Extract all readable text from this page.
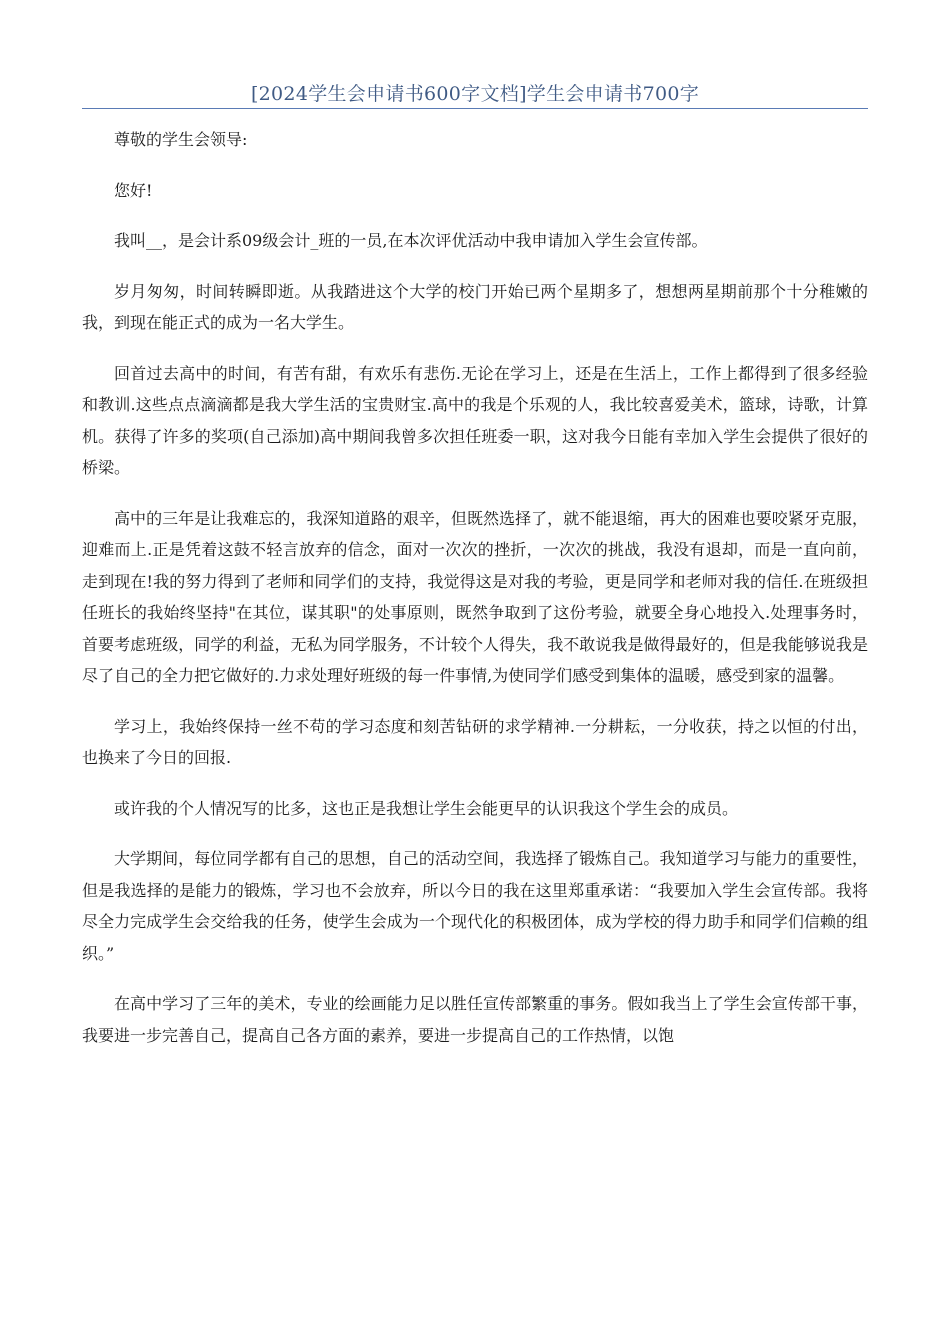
[2024学生会申请书600字文档]学生会申请书700字

尊敬的学生会领导:

您好!

我叫__，是会计系09级会计_班的一员,在本次评优活动中我申请加入学生会宣传部。

岁月匆匆，时间转瞬即逝。从我踏进这个大学的校门开始已两个星期多了，想想两星期前那个十分稚嫩的我，到现在能正式的成为一名大学生。

回首过去高中的时间，有苦有甜，有欢乐有悲伤.无论在学习上，还是在生活上，工作上都得到了很多经验和教训.这些点点滴滴都是我大学生活的宝贵财宝.高中的我是个乐观的人，我比较喜爱美术，篮球，诗歌，计算机。获得了许多的奖项(自己添加)高中期间我曾多次担任班委一职，这对我今日能有幸加入学生会提供了很好的桥梁。

高中的三年是让我难忘的，我深知道路的艰辛，但既然选择了，就不能退缩，再大的困难也要咬紧牙克服，迎难而上.正是凭着这鼓不轻言放弃的信念，面对一次次的挫折，一次次的挑战，我没有退却，而是一直向前，走到现在!我的努力得到了老师和同学们的支持，我觉得这是对我的考验，更是同学和老师对我的信任.在班级担任班长的我始终坚持"在其位，谋其职"的处事原则，既然争取到了这份考验，就要全身心地投入.处理事务时，首要考虑班级，同学的利益，无私为同学服务，不计较个人得失，我不敢说我是做得最好的，但是我能够说我是尽了自己的全力把它做好的.力求处理好班级的每一件事情,为使同学们感受到集体的温暖，感受到家的温馨。

学习上，我始终保持一丝不苟的学习态度和刻苦钻研的求学精神.一分耕耘，一分收获，持之以恒的付出，也换来了今日的回报.

或许我的个人情况写的比多，这也正是我想让学生会能更早的认识我这个学生会的成员。

大学期间，每位同学都有自己的思想，自己的活动空间，我选择了锻炼自己。我知道学习与能力的重要性，但是我选择的是能力的锻炼，学习也不会放弃，所以今日的我在这里郑重承诺：“我要加入学生会宣传部。我将尽全力完成学生会交给我的任务，使学生会成为一个现代化的积极团体，成为学校的得力助手和同学们信赖的组织。”

在高中学习了三年的美术，专业的绘画能力足以胜任宣传部繁重的事务。假如我当上了学生会宣传部干事，我要进一步完善自己，提高自己各方面的素养，要进一步提高自己的工作热情，以饱
